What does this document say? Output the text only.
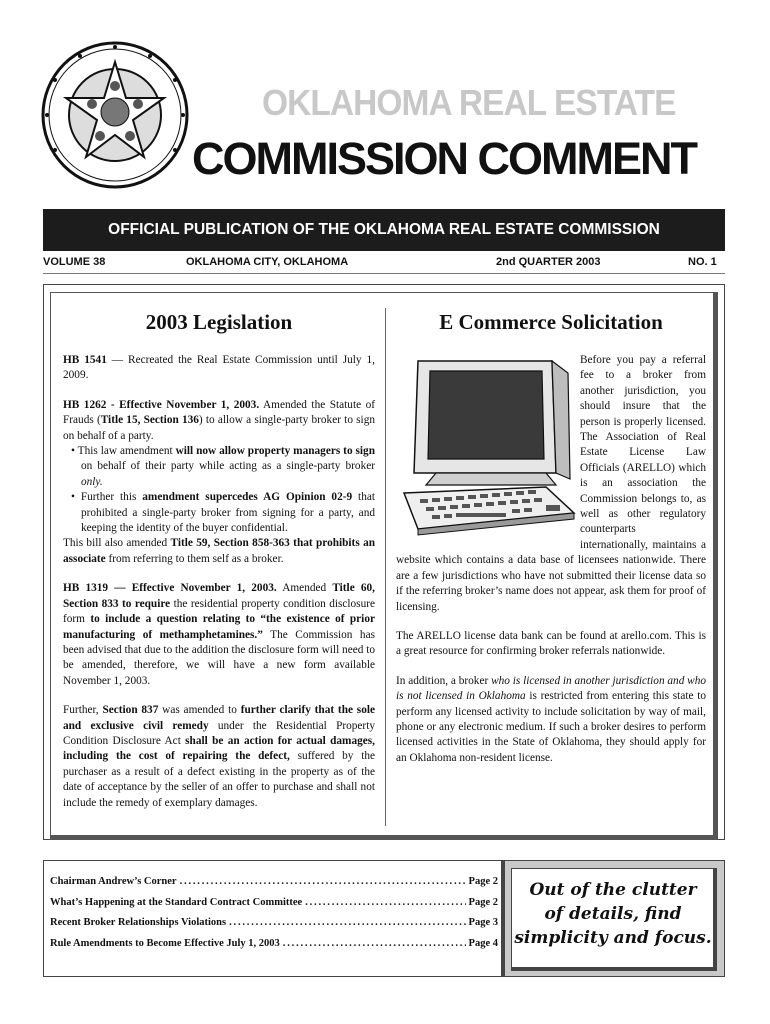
OKLAHOMA REAL ESTATE
COMMISSION COMMENT
OFFICIAL PUBLICATION OF THE OKLAHOMA REAL ESTATE COMMISSION
VOLUME 38	OKLAHOMA CITY, OKLAHOMA	2nd QUARTER 2003	NO. 1
2003 Legislation

HB 1541 — Recreated the Real Estate Commission until July 1, 2009.

HB 1262 - Effective November 1, 2003. Amended the Statute of Frauds (Title 15, Section 136) to allow a single-party broker to sign on behalf of a party.

• This law amendment will now allow property managers to sign on behalf of their party while acting as a single-party broker only.

• Further this amendment supercedes AG Opinion 02-9 that prohibited a single-party broker from signing for a party, and keeping the identity of the buyer confidential.

This bill also amended Title 59, Section 858-363 that prohibits an associate from referring to them self as a broker.

HB 1319 — Effective November 1, 2003. Amended Title 60, Section 833 to require the residential property condition disclosure form to include a question relating to “the existence of prior manufacturing of methamphetamines.” The Commission has been advised that due to the addition the disclosure form will need to be amended, therefore, we will have a new form available November 1, 2003.

Further, Section 837 was amended to further clarify that the sole and exclusive civil remedy under the Residential Property Condition Disclosure Act shall be an action for actual damages, including the cost of repairing the defect, suffered by the purchaser as a result of a defect existing in the property as of the date of acceptance by the seller of an offer to purchase and shall not include the remedy of exemplary damages.

E Commerce Solicitation

Before you pay a referral fee to a broker from another jurisdiction, you should insure that the person is properly licensed. The Association of Real Estate License Law Officials (ARELLO) which is an association the Commission belongs to, as well as other regulatory counterparts internationally, maintains a website which contains a data base of licensees nationwide. There are a few jurisdictions who have not submitted their license data so if the referring broker’s name does not appear, ask them for proof of licensing.

The ARELLO license data bank can be found at arello.com. This is a great resource for confirming broker referrals nationwide.

In addition, a broker who is licensed in another jurisdiction and who is not licensed in Oklahoma is restricted from entering this state to perform any licensed activity to include solicitation by way of mail, phone or any electronic medium. If such a broker desires to perform licensed activities in the State of Oklahoma, they should apply for an Oklahoma non-resident license.

Chairman Andrew’s Corner .....	Page 2
What’s Happening at the Standard Contract Committee .....	Page 2
Recent Broker Relationships Violations .....	Page 3
Rule Amendments to Become Effective July 1, 2003 .....	Page 4
Out of the clutter
of details, find
simplicity and focus.
